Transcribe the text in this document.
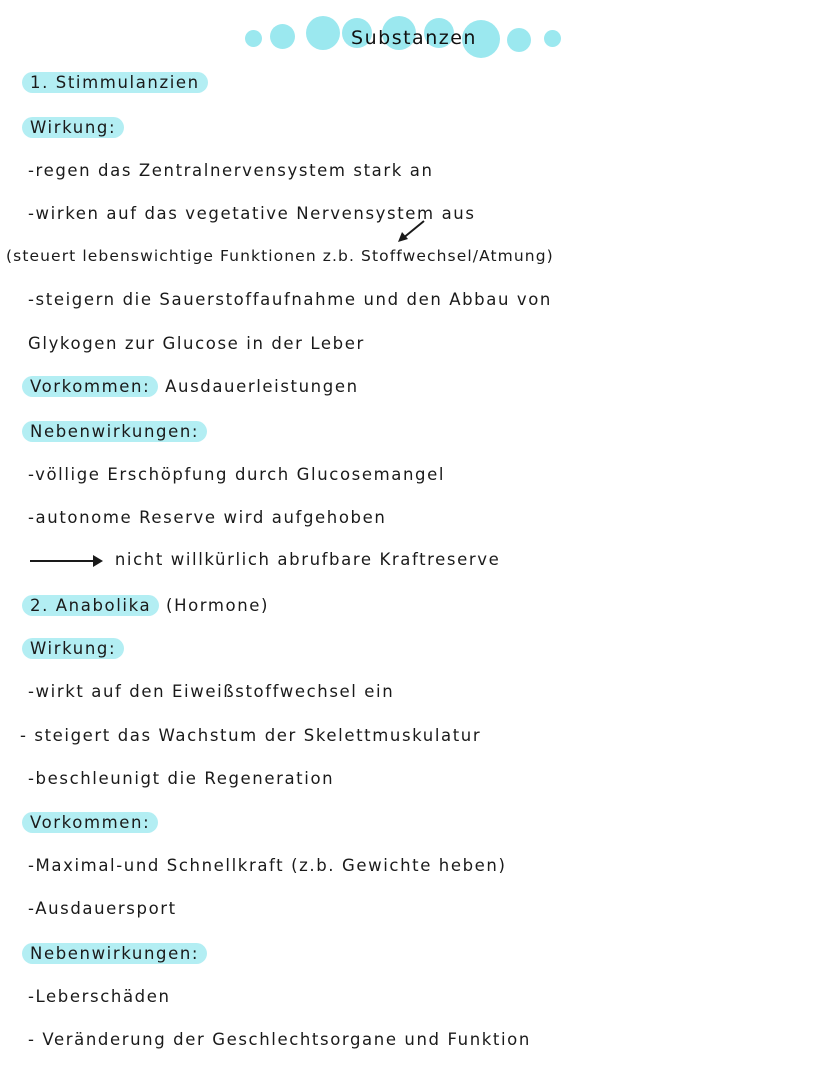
Substanzen
1. Stimmulanzien
Wirkung:
-regen das Zentralnervensystem stark an
-wirken auf das vegetative Nervensystem aus
(steuert lebenswichtige Funktionen z.b. Stoffwechsel/Atmung)
-steigern die Sauerstoffaufnahme und den Abbau von
Glykogen zur Glucose in der Leber
Vorkommen: Ausdauerleistungen
Nebenwirkungen:
-völlige Erschöpfung durch Glucosemangel
-autonome Reserve wird aufgehoben
nicht willkürlich abrufbare Kraftreserve
2. Anabolika (Hormone)
Wirkung:
-wirkt auf den Eiweißstoffwechsel ein
- steigert das Wachstum der Skelettmuskulatur
-beschleunigt die Regeneration
Vorkommen:
-Maximal-und Schnellkraft (z.b. Gewichte heben)
-Ausdauersport
Nebenwirkungen:
-Leberschäden
- Veränderung der Geschlechtsorgane und Funktion
